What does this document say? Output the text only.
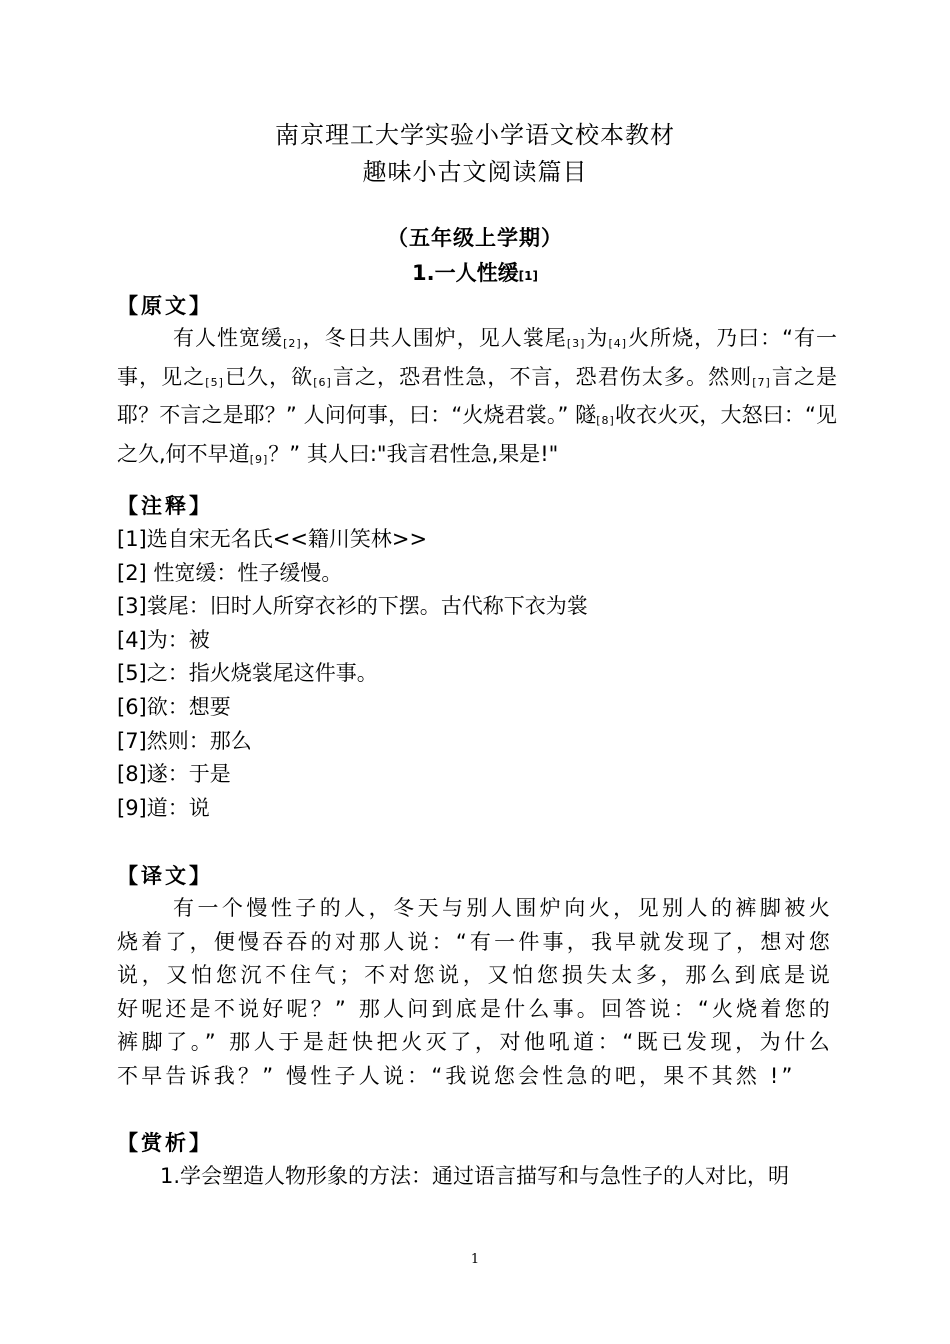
南京理工大学实验小学语文校本教材
趣味小古文阅读篇目
（五年级上学期）
1.一人性缓[1]
【原文】
有人性宽缓[2]，冬日共人围炉，见人裳尾[3]为[4]火所烧，乃曰：“有一事，见之[5]已久，欲[6]言之，恐君性急，不言，恐君伤太多。然则[7]言之是耶？不言之是耶？” 人问何事，曰：“火烧君裳。” 隧[8]收衣火灭，大怒曰：“见之久,何不早道[9]？” 其人曰:"我言君性急,果是!"
【注释】
[1]选自宋无名氏<<籍川笑林>>
[2] 性宽缓：性子缓慢。
[3]裳尾：旧时人所穿衣衫的下摆。古代称下衣为裳
[4]为：被
[5]之：指火烧裳尾这件事。
[6]欲：想要
[7]然则：那么
[8]遂：于是
[9]道：说
【译文】
有一个慢性子的人，冬天与别人围炉向火，见别人的裤脚被火烧着了，便慢吞吞的对那人说：“有一件事，我早就发现了，想对您说，又怕您沉不住气；不对您说，又怕您损失太多，那么到底是说好呢还是不说好呢？” 那人问到底是什么事。回答说：“火烧着您的裤脚了。” 那人于是赶快把火灭了，对他吼道：“既已发现，为什么不早告诉我？” 慢性子人说：“我说您会性急的吧，果不其然 !”
【赏析】
1.学会塑造人物形象的方法：通过语言描写和与急性子的人对比，明
1
